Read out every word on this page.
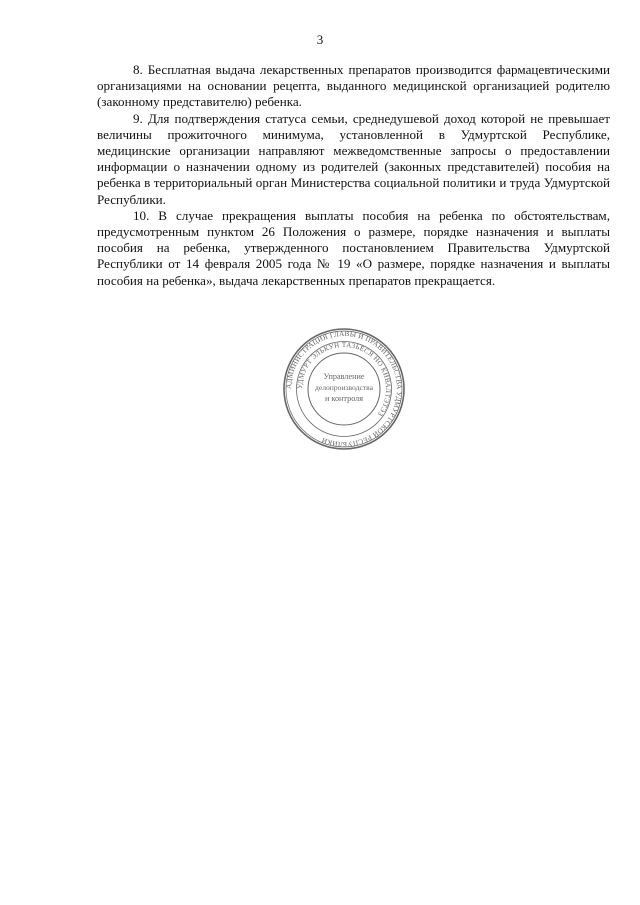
3

8. Бесплатная выдача лекарственных препаратов производится фармацевтическими организациями на основании рецепта, выданного медицинской организацией родителю (законному представителю) ребенка.

9. Для подтверждения статуса семьи, среднедушевой доход которой не превышает величины прожиточного минимума, установленной в Удмуртской Республике, медицинские организации направляют межведомственные запросы о предоставлении информации о назначении одному из родителей (законных представителей) пособия на ребенка в территориальный орган Министерства социальной политики и труда Удмуртской Республики.

10. В случае прекращения выплаты пособия на ребенка по обстоятельствам, предусмотренным пунктом 26 Положения о размере, порядке назначения и выплаты пособия на ребенка, утвержденного постановлением Правительства Удмуртской Республики от 14 февраля 2005 года № 19 «О размере, порядке назначения и выплаты пособия на ребенка», выдача лекарственных препаратов прекращается.

АДМИНИСТРАЦИЯ ГЛАВЫ И ПРАВИТЕЛЬСТВА УДМУРТСКОЙ РЕСПУБЛИКИ
УДМУРТ ЭЛЬКУН ТАЗЬЁСЯ НО КИВАЛТЭТЭЗ
Управление
делопроизводства
и контроля
